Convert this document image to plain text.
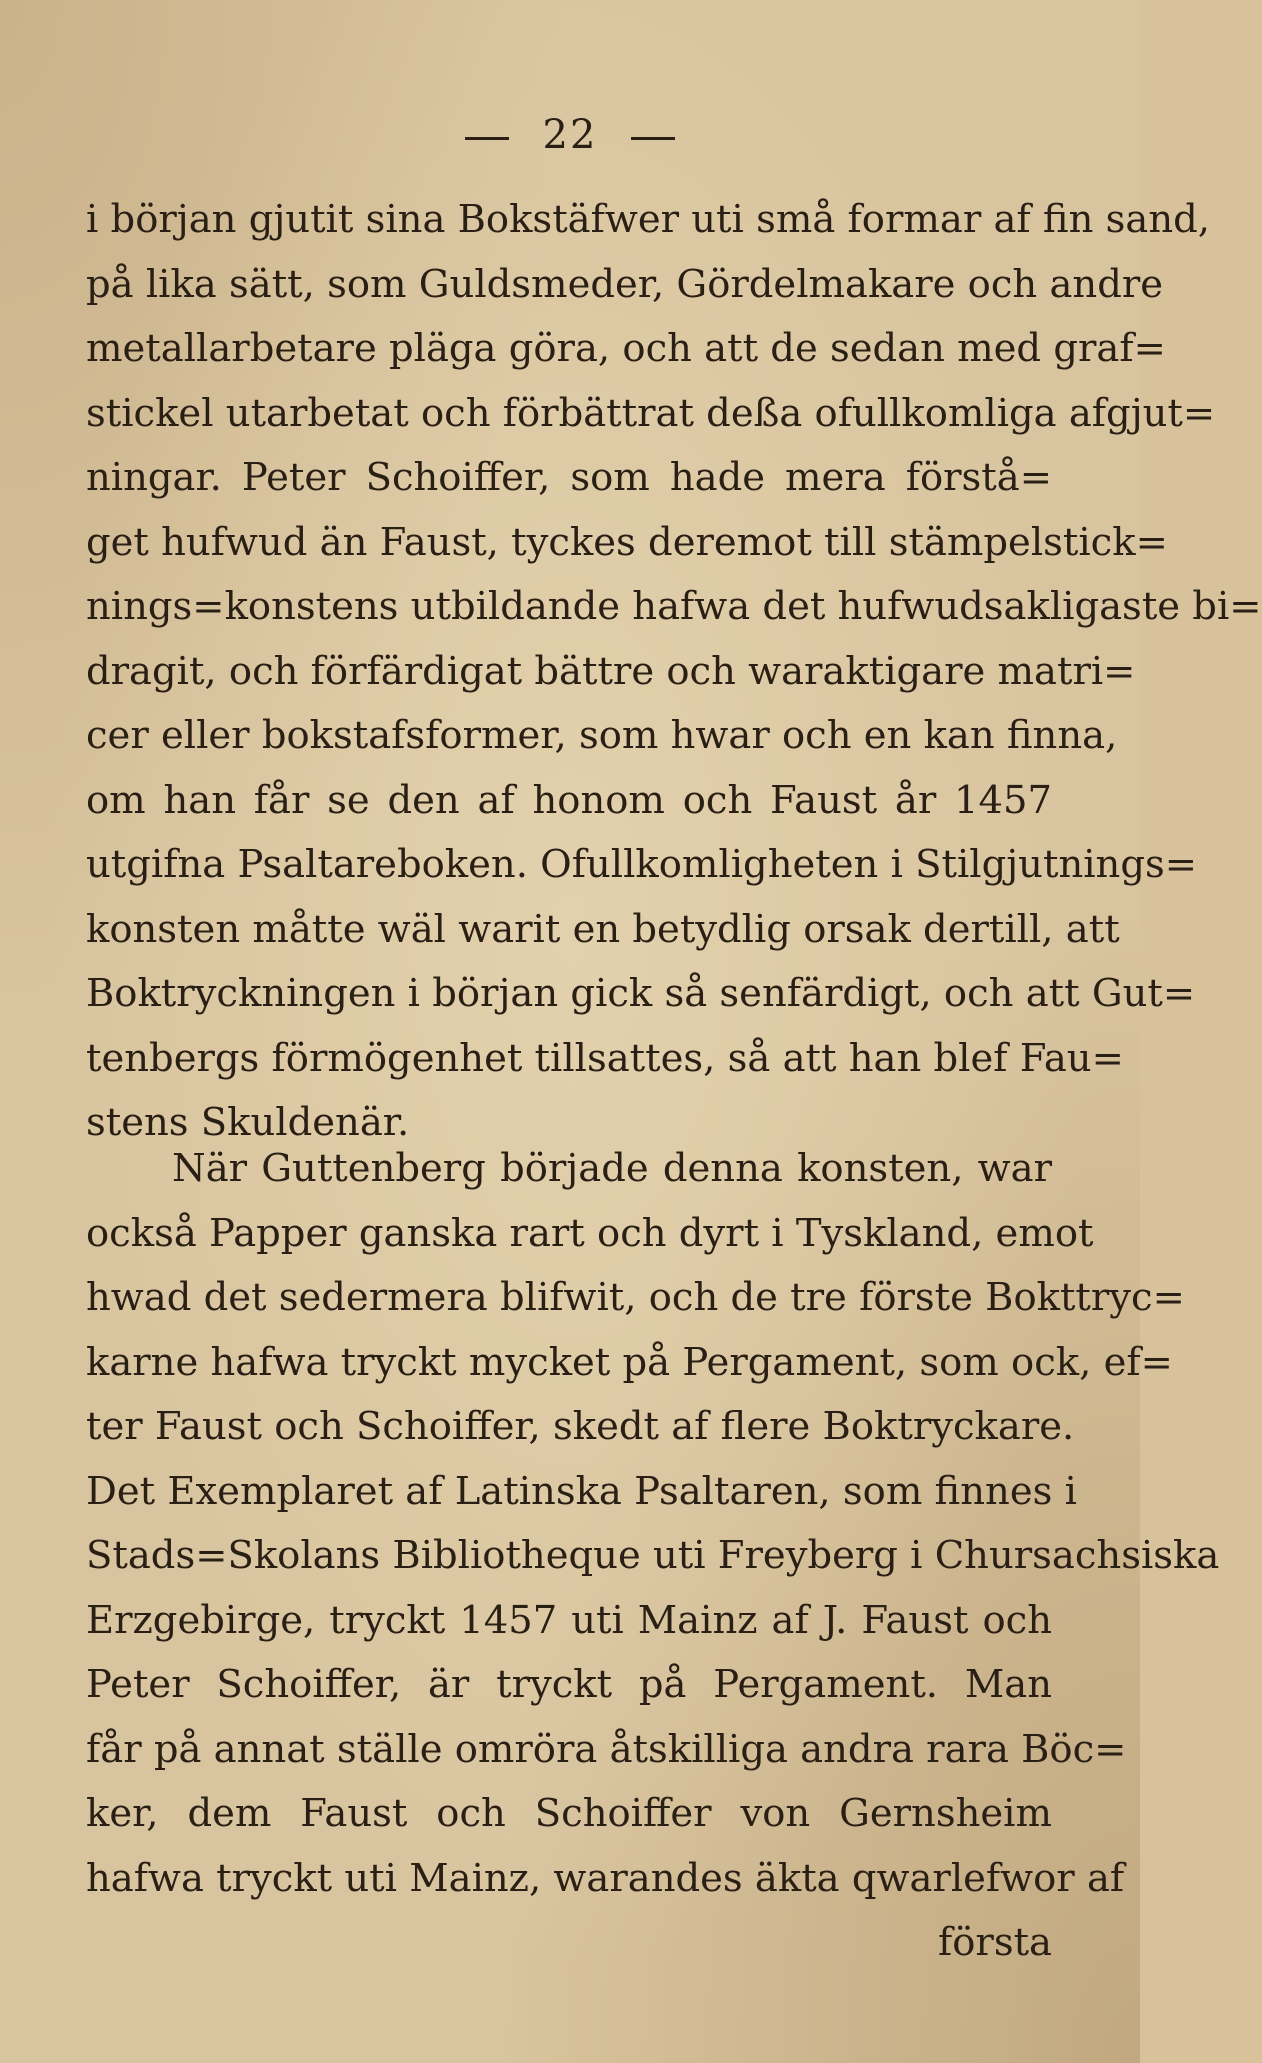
22
i början gjutit sina Bokstäfwer uti små formar af fin sand,
på lika sätt, som Guldsmeder, Gördelmakare och andre
metallarbetare pläga göra, och att de sedan med graf=
stickel utarbetat och förbättrat deßa ofullkomliga afgjut=
ningar. Peter Schoiffer, som hade mera förstå=
get hufwud än Faust, tyckes deremot till stämpelstick=
nings=konstens utbildande hafwa det hufwudsakligaste bi=
dragit, och förfärdigat bättre och waraktigare matri=
cer eller bokstafsformer, som hwar och en kan finna,
om han får se den af honom och Faust år 1457
utgifna Psaltareboken. Ofullkomligheten i Stilgjutnings=
konsten måtte wäl warit en betydlig orsak dertill, att
Boktryckningen i början gick så senfärdigt, och att Gut=
tenbergs förmögenhet tillsattes, så att han blef Fau=
stens Skuldenär.
När Guttenberg började denna konsten, war
också Papper ganska rart och dyrt i Tyskland, emot
hwad det sedermera blifwit, och de tre förste Bokttryc=
karne hafwa tryckt mycket på Pergament, som ock, ef=
ter Faust och Schoiffer, skedt af flere Boktryckare.
Det Exemplaret af Latinska Psaltaren, som finnes i
Stads=Skolans Bibliotheque uti Freyberg i Chursachsiska
Erzgebirge, tryckt 1457 uti Mainz af J. Faust och
Peter Schoiffer, är tryckt på Pergament. Man
får på annat ställe omröra åtskilliga andra rara Böc=
ker, dem Faust och Schoiffer von Gernsheim
hafwa tryckt uti Mainz, warandes äkta qwarlefwor af
första
